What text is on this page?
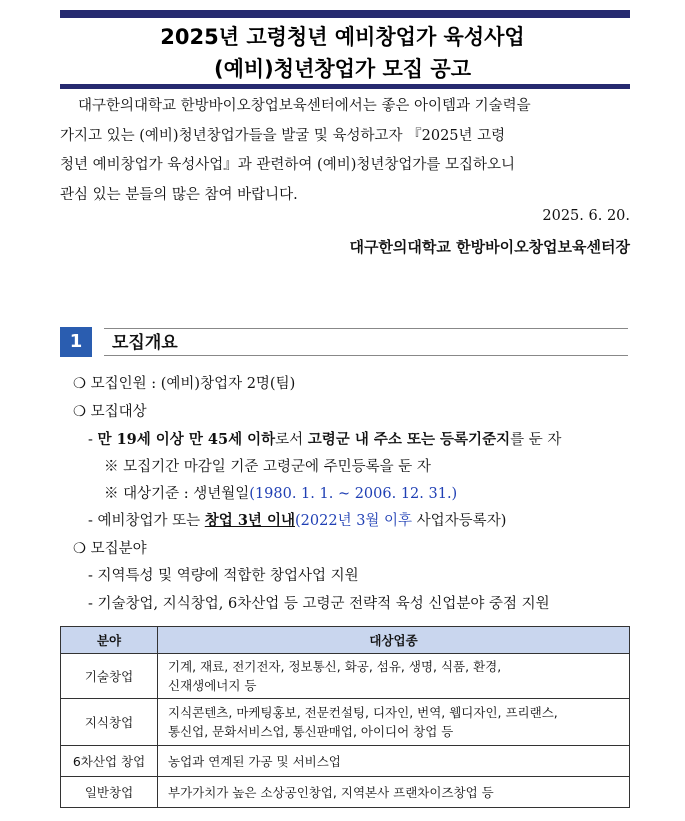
......
2025년 고령청년 예비창업가 육성사업
(예비)청년창업가 모집 공고
대구한의대학교 한방바이오창업보육센터에서는 좋은 아이템과 기술력을
가지고 있는 (예비)청년창업가들을 발굴 및 육성하고자 『2025년 고령
청년 예비창업가 육성사업』과 관련하여 (예비)청년창업가를 모집하오니
관심 있는 분들의 많은 참여 바랍니다.
2025. 6. 20.
대구한의대학교 한방바이오창업보육센터장
1	모집개요
❍ 모집인원 : (예비)창업자 2명(팀)
❍ 모집대상
- 만 19세 이상 만 45세 이하로서 고령군 내 주소 또는 등록기준지를 둔 자
※ 모집기간 마감일 기준 고령군에 주민등록을 둔 자
※ 대상기준 : 생년월일(1980. 1. 1. ~ 2006. 12. 31.)
- 예비창업가 또는 창업 3년 이내(2022년 3월 이후 사업자등록자)
❍ 모집분야
- 지역특성 및 역량에 적합한 창업사업 지원
- 기술창업, 지식창업, 6차산업 등 고령군 전략적 육성 신업분야 중점 지원
분야	대상업종
기술창업	기계, 재료, 전기전자, 정보통신, 화공, 섬유, 생명, 식품, 환경,
신재생에너지 등

지식창업	지식콘텐츠, 마케팅홍보, 전문컨설팅, 디자인, 번역, 웹디자인, 프리랜스,
통신업, 문화서비스업, 통신판매업, 아이디어 창업 등

6차산업 창업	농업과 연계된 가공 및 서비스업

일반창업	부가가치가 높은 소상공인창업, 지역본사 프랜차이즈창업 등
